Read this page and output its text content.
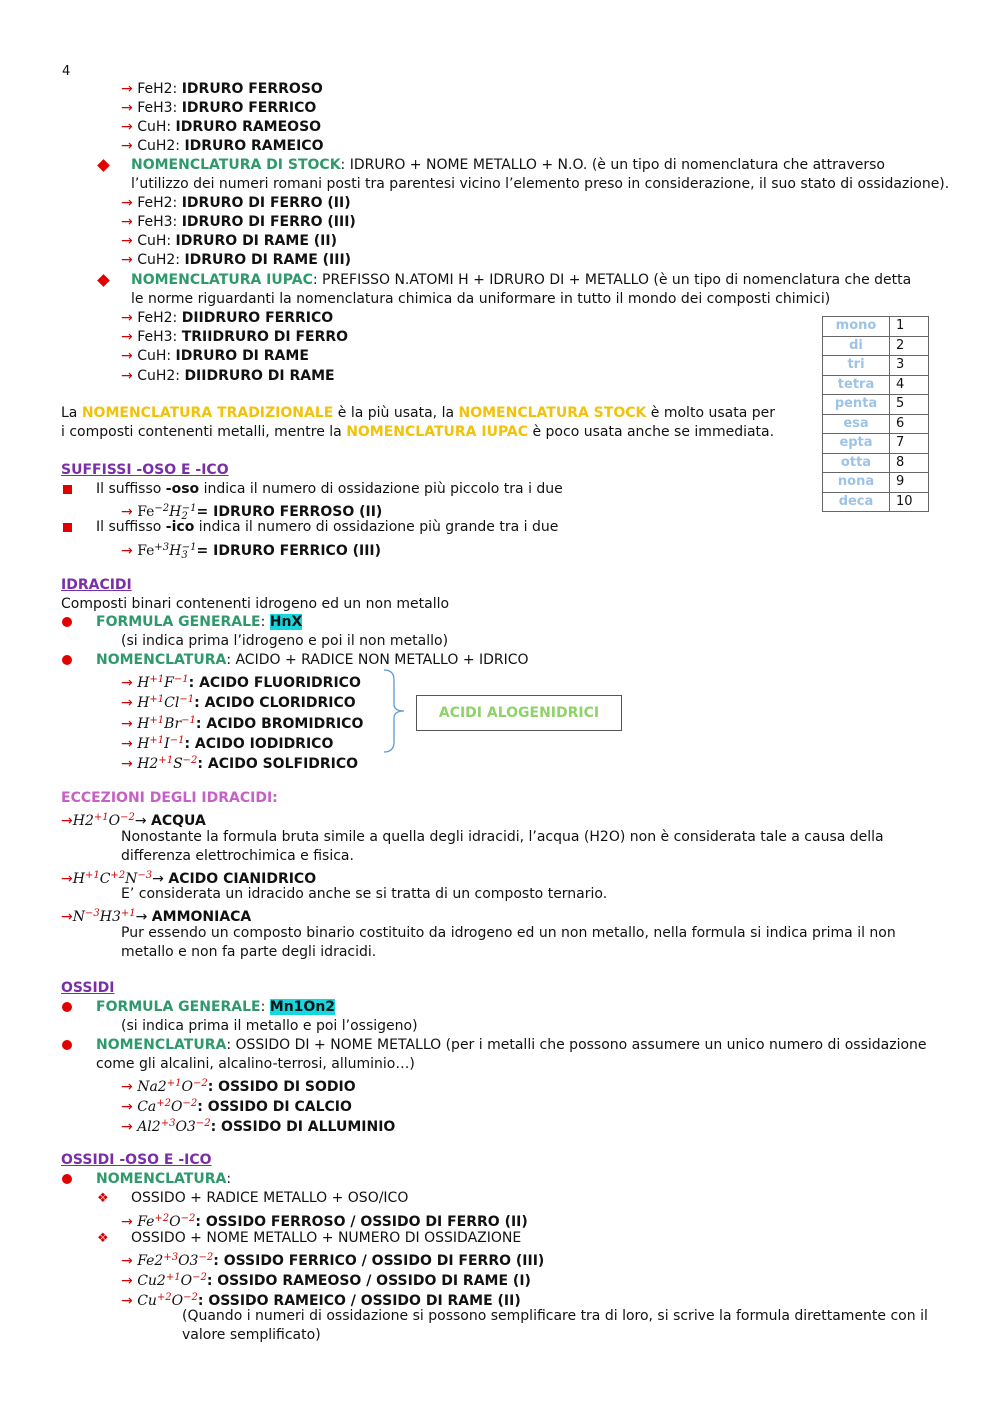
4
→ FeH2: IDRURO FERROSO
→ FeH3: IDRURO FERRICO
→ CuH: IDRURO RAMEOSO
→ CuH2: IDRURO RAMEICO
NOMENCLATURA DI STOCK: IDRURO + NOME METALLO + N.O. (è un tipo di nomenclatura che attraverso
l’utilizzo dei numeri romani posti tra parentesi vicino l’elemento preso in considerazione, il suo stato di ossidazione).
→ FeH2: IDRURO DI FERRO (II)
→ FeH3: IDRURO DI FERRO (III)
→ CuH: IDRURO DI RAME (II)
→ CuH2: IDRURO DI RAME (III)
NOMENCLATURA IUPAC: PREFISSO N.ATOMI H + IDRURO DI + METALLO (è un tipo di nomenclatura che detta
le norme riguardanti la nomenclatura chimica da uniformare in tutto il mondo dei composti chimici)
→ FeH2: DIIDRURO FERRICO
→ FeH3: TRIIDRURO DI FERRO
→ CuH: IDRURO DI RAME
→ CuH2: DIIDRURO DI RAME
mono	1
di	2
tri	3
tetra	4
penta	5
esa	6
epta	7
otta	8
nona	9
deca	10
La NOMENCLATURA TRADIZIONALE è la più usata, la NOMENCLATURA STOCK è molto usata per
i composti contenenti metalli, mentre la NOMENCLATURA IUPAC è poco usata anche se immediata.
SUFFISSI -OSO E -ICO
Il suffisso -oso indica il numero di ossidazione più piccolo tra i due
→ $Fe^{-2}H_2^{-1}=$ IDRURO FERROSO (II)
Il suffisso -ico indica il numero di ossidazione più grande tra i due
→ $Fe^{+3}H_3^{-1}=$ IDRURO FERRICO (III)
IDRACIDI
Composti binari contenenti idrogeno ed un non metallo
FORMULA GENERALE: HnX
(si indica prima l’idrogeno e poi il non metallo)
NOMENCLATURA: ACIDO + RADICE NON METALLO + IDRICO
→ $H^{+1}F^{-1}$: ACIDO FLUORIDRICO
→ $H^{+1}Cl^{-1}$: ACIDO CLORIDRICO
→ $H^{+1}Br^{-1}$: ACIDO BROMIDRICO
→ $H^{+1}I^{-1}$: ACIDO IODIDRICO
→ $H2^{+1}S^{-2}$: ACIDO SOLFIDRICO
ACIDI ALOGENIDRICI
ECCEZIONI DEGLI IDRACIDI:
$\to H2^{+1}O^{-2}\to$ ACQUA
Nonostante la formula bruta simile a quella degli idracidi, l’acqua (H2O) non è considerata tale a causa della
differenza elettrochimica e fisica.
$\to H^{+1}C^{+2}N^{-3}\to$ ACIDO CIANIDRICO
E’ considerata un idracido anche se si tratta di un composto ternario.
$\to N^{-3}H3^{+1}\to$ AMMONIACA
Pur essendo un composto binario costituito da idrogeno ed un non metallo, nella formula si indica prima il non
metallo e non fa parte degli idracidi.
OSSIDI
FORMULA GENERALE: Mn1On2
(si indica prima il metallo e poi l’ossigeno)
NOMENCLATURA: OSSIDO DI + NOME METALLO (per i metalli che possono assumere un unico numero di ossidazione
come gli alcalini, alcalino-terrosi, alluminio…)
→ $Na2^{+1}O^{-2}$: OSSIDO DI SODIO
→ $Ca^{+2}O^{-2}$: OSSIDO DI CALCIO
→ $Al2^{+3}O3^{-2}$: OSSIDO DI ALLUMINIO
OSSIDI -OSO E -ICO
NOMENCLATURA:
❖ OSSIDO + RADICE METALLO + OSO/ICO
→ $Fe^{+2}O^{-2}$: OSSIDO FERROSO / OSSIDO DI FERRO (II)
❖ OSSIDO + NOME METALLO + NUMERO DI OSSIDAZIONE
→ $Fe2^{+3}O3^{-2}$: OSSIDO FERRICO / OSSIDO DI FERRO (III)
→ $Cu2^{+1}O^{-2}$: OSSIDO RAMEOSO / OSSIDO DI RAME (I)
→ $Cu^{+2}O^{-2}$: OSSIDO RAMEICO / OSSIDO DI RAME (II)
(Quando i numeri di ossidazione si possono semplificare tra di loro, si scrive la formula direttamente con il
valore semplificato)
